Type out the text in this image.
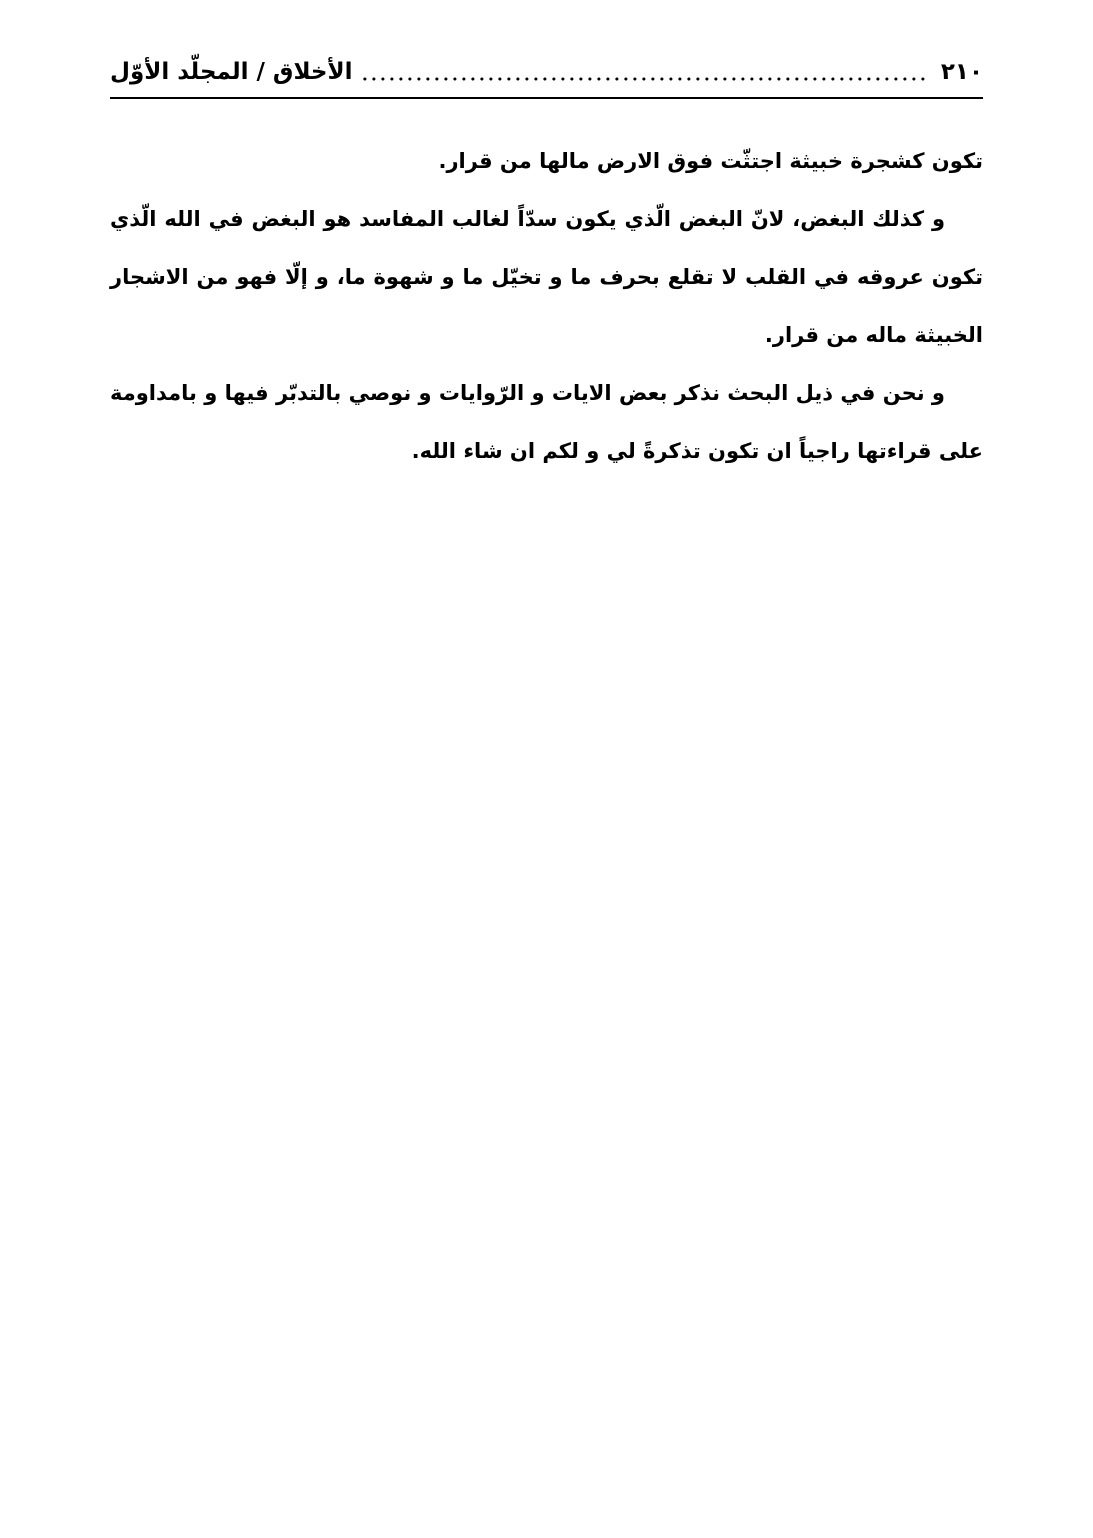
٢١٠
الأخلاق / المجلّد الأوّل

تكون كشجرة خبيثة اجتثّت فوق الارض مالها من قرار.

و كذلك البغض، لانّ البغض الّذي يكون سدّاً لغالب المفاسد هو البغض في الله الّذي تكون عروقه في القلب لا تقلع بحرف ما و تخيّل ما و شهوة ما، و إلّا فهو من الاشجار الخبيثة ماله من قرار.

و نحن في ذيل البحث نذكر بعض الايات و الرّوايات و نوصي بالتدبّر فيها و بامداومة على قراءتها راجياً ان تكون تذكرةً لي و لكم ان شاء الله.
